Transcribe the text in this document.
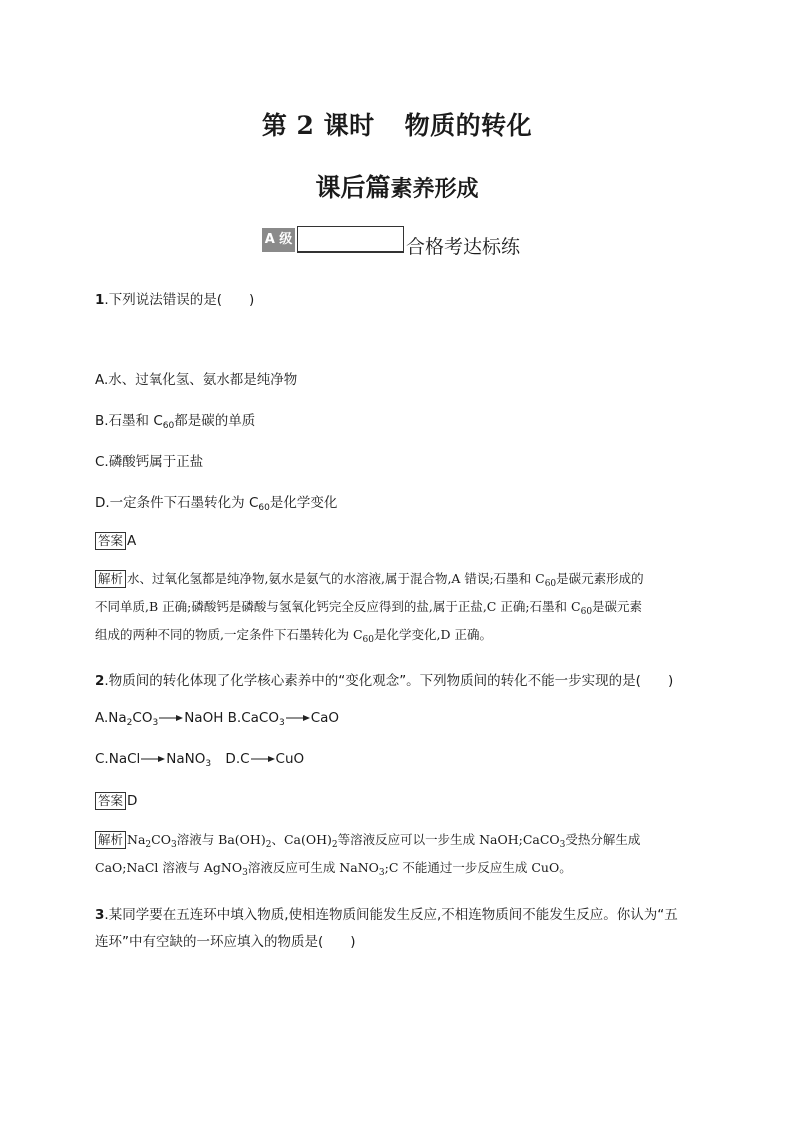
第 2 课时 物质的转化
课后篇素养形成
A 级	合格考达标练
1.下列说法错误的是(　　)
A.水、过氧化氢、氨水都是纯净物
B.石墨和 $C_{60}$都是碳的单质
C.磷酸钙属于正盐
D.一定条件下石墨转化为 $C_{60}$是化学变化
答案 A
解析 水、过氧化氢都是纯净物,氨水是氨气的水溶液,属于混合物,A 错误;石墨和 $C_{60}$是碳元素形成的
不同单质,B 正确;磷酸钙是磷酸与氢氧化钙完全反应得到的盐,属于正盐,C 正确;石墨和 $C_{60}$是碳元素
组成的两种不同的物质,一定条件下石墨转化为 $C_{60}$是化学变化,D 正确。
2.物质间的转化体现了化学核心素养中的“变化观念”。下列物质间的转化不能一步实现的是(　　)
$A.Na_2CO_3\to NaOH$ B.CaCO$_3$→CaO
C.NaCl→NaNO$_3$ D.C→CuO
答案 D
解析 $Na_2CO_3$溶液与 $Ba(OH)_2$、$Ca(OH)_2$等溶液反应可以一步生成 NaOH;CaCO$_3$受热分解生成
CaO;NaCl 溶液与 AgNO$_3$溶液反应可生成 NaNO$_3$;C 不能通过一步反应生成 CuO。
3.某同学要在五连环中填入物质,使相连物质间能发生反应,不相连物质间不能发生反应。你认为“五
连环”中有空缺的一环应填入的物质是(　　)
